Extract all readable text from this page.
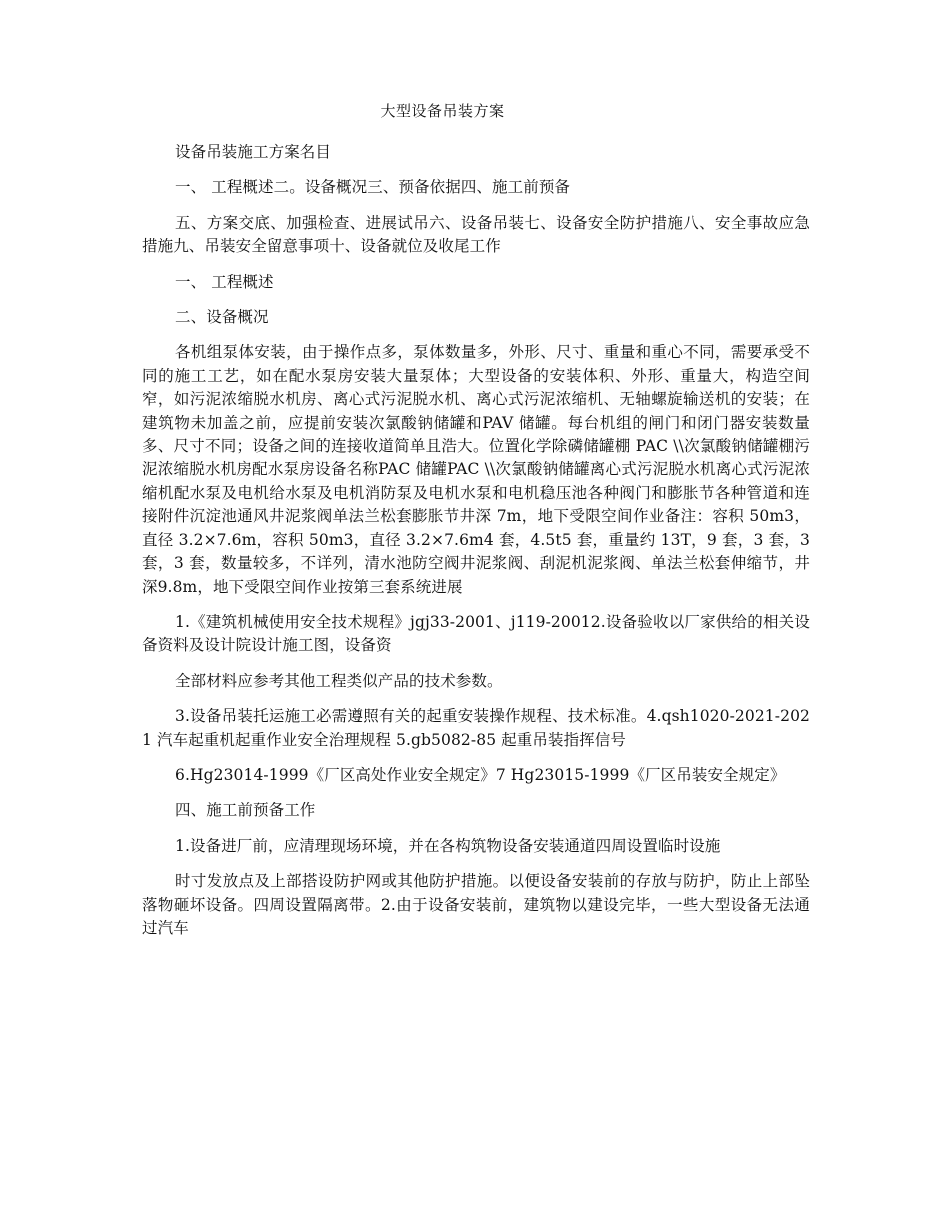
大型设备吊装方案

设备吊装施工方案名目

一、 工程概述二。设备概况三、预备依据四、施工前预备

五、方案交底、加强检查、进展试吊六、设备吊装七、设备安全防护措施八、安全事故应急措施九、吊装安全留意事项十、设备就位及收尾工作

一、 工程概述

二、设备概况

各机组泵体安装，由于操作点多，泵体数量多，外形、尺寸、重量和重心不同，需要承受不同的施工工艺，如在配水泵房安装大量泵体；大型设备的安装体积、外形、重量大，构造空间窄，如污泥浓缩脱水机房、离心式污泥脱水机、离心式污泥浓缩机、无轴螺旋输送机的安装；在建筑物未加盖之前，应提前安装次氯酸钠储罐和PAV 储罐。每台机组的闸门和闭门器安装数量多、尺寸不同；设备之间的连接收道简单且浩大。位置化学除磷储罐棚 PAC \\次氯酸钠储罐棚污泥浓缩脱水机房配水泵房设备名称PAC 储罐PAC \\次氯酸钠储罐离心式污泥脱水机离心式污泥浓缩机配水泵及电机给水泵及电机消防泵及电机水泵和电机稳压池各种阀门和膨胀节各种管道和连接附件沉淀池通风井泥浆阀单法兰松套膨胀节井深 7m，地下受限空间作业备注：容积 50m3，直径 3.2×7.6m，容积 50m3，直径 3.2×7.6m4 套，4.5t5 套，重量约 13T，9 套，3 套，3 套，3 套，数量较多，不详列，清水池防空阀井泥浆阀、刮泥机泥浆阀、单法兰松套伸缩节，井深9.8m，地下受限空间作业按第三套系统进展

1.《建筑机械使用安全技术规程》jgj33-2001、j119-20012.设备验收以厂家供给的相关设备资料及设计院设计施工图，设备资

全部材料应参考其他工程类似产品的技术参数。

3.设备吊装托运施工必需遵照有关的起重安装操作规程、技术标准。4.qsh1020-2021-2021 汽车起重机起重作业安全治理规程 5.gb5082-85 起重吊装指挥信号

6.Hg23014-1999《厂区高处作业安全规定》7 Hg23015-1999《厂区吊装安全规定》

四、施工前预备工作

1.设备进厂前，应清理现场环境，并在各构筑物设备安装通道四周设置临时设施

时寸发放点及上部搭设防护网或其他防护措施。以便设备安装前的存放与防护，防止上部坠落物砸坏设备。四周设置隔离带。2.由于设备安装前，建筑物以建设完毕，一些大型设备无法通过汽车
